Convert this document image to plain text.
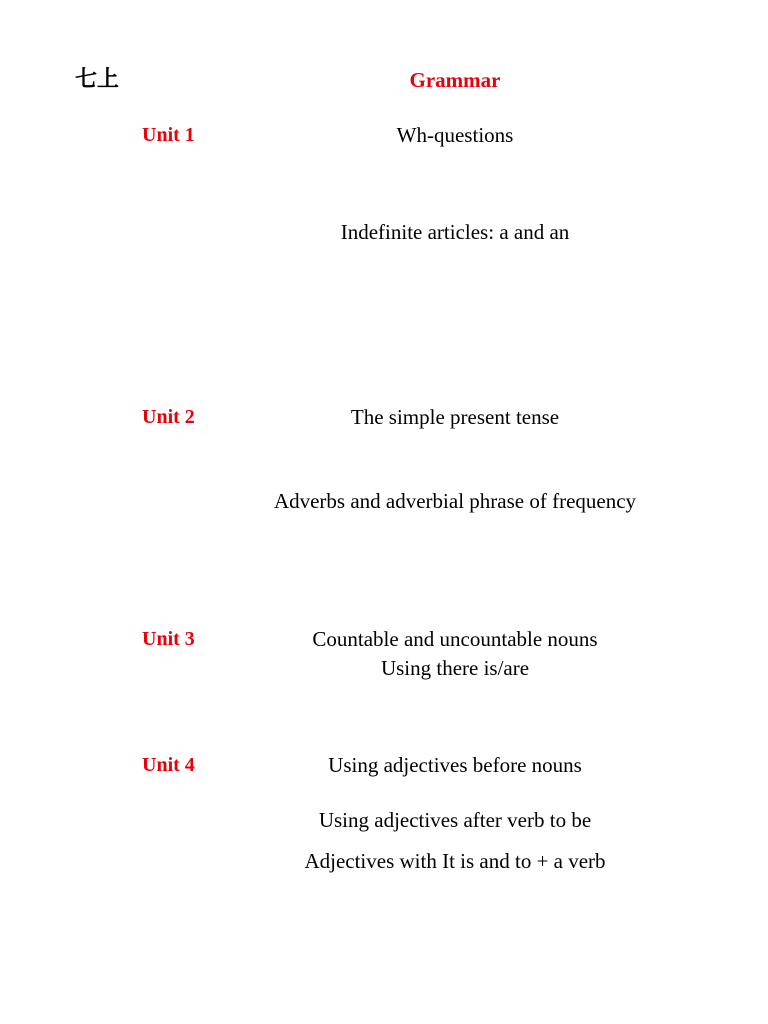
七上	Grammar
Unit 1	Wh-questions
Indefinite articles: a and an
Unit 2	The simple present tense
Adverbs and adverbial phrase of frequency
Unit 3	Countable and uncountable nouns
Using there is/are
Unit 4	Using adjectives before nouns
Using adjectives after verb to be
Adjectives with It is and to + a verb
